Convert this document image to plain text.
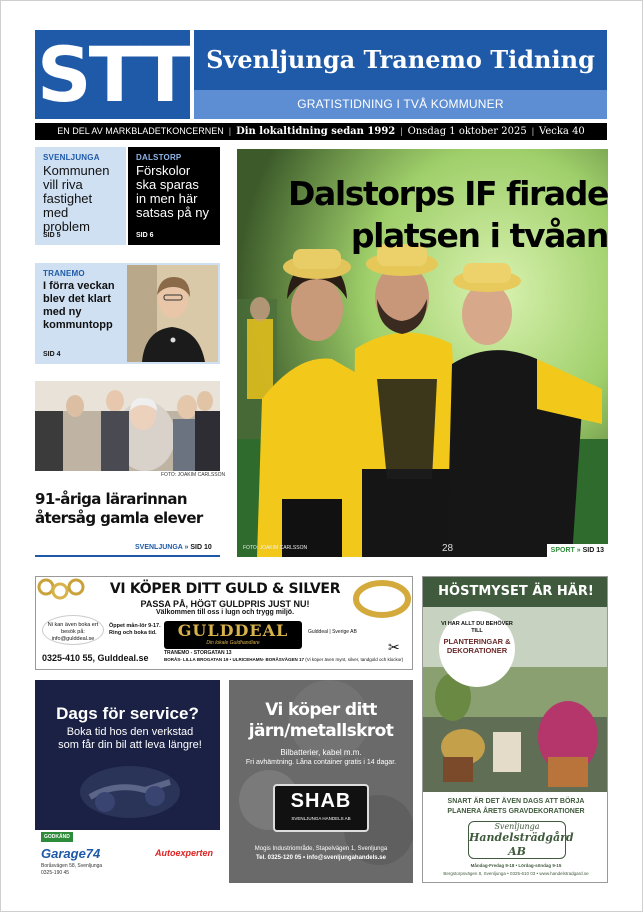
STT Svenljunga Tranemo Tidning
GRATISTIDNING I TVÅ KOMMUNER
EN DEL AV MARKBLADETKONCERNEN | Din lokaltidning sedan 1992 | Onsdag 1 oktober 2025 | Vecka 40
SVENLJUNGA
Kommunen vill riva fastighet med problem
SID 5
DALSTORP
Förskolor ska sparas in men här satsas på ny
SID 6
TRANEMO
I förra veckan blev det klart med ny kommuntopp
SID 4
FOTO: JOAKIM CARLSSON
91-åriga lärarinnan återsåg gamla elever
SVENLJUNGA » SID 10	28
Dalstorps IF firade
platsen i tvåan
FOTO: JOAKIM CARLSSON	SPORT » SID 13
VI KÖPER DITT GULD & SILVER
PASSA PÅ, HÖGT GULDPRIS JUST NU!
Välkommen till oss i lugn och trygg miljö.
Ni kan även boka ert besök på: info@gulddeal.se
Öppet mån-lör 9-17. Ring och boka tid.	GULDDEAL
Din lokale Guldhandlare
Gulddeal | Sverige AB
✂
0325-410 55, Gulddeal.se	TRANEMO - STORGATAN 13
BORÅS- LILLA BROGATAN 19 • ULRICEHAMN- BORÅSVÄGEN 17 (Vi köper även mynt, silver, tandgold och klockor)
Dags för service?
Boka tid hos den verkstad som får din bil att leva längre!
GODKÄND
Garage74	Autoexperten
Boråsvägen 58, Svenljunga
0325-190 45
Vi köper ditt järn/metallskrot
Bilbatterier, kabel m.m.
Fri avhämtning. Låna container gratis i 14 dagar.
SHAB
SVENLJUNGA HANDELS AB
Mogis Industriområde, Stapelvägen 1, Svenljunga
Tel. 0325-120 05 • info@svenljungahandels.se
HÖSTMYSET ÄR HÄR!
VI HAR ALLT DU BEHÖVER TILL
PLANTERINGAR & DEKORATIONER
SNART ÄR DET ÄVEN DAGS ATT BÖRJA PLANERA ÅRETS GRAVDEKORATIONER
Svenljunga
Handelsträdgård AB
Måndag-Fredag 9-18 • Lördag-söndag 9-15
Bergstorpsvägen 8, Svenljunga • 0325-610 03 • www.handelstradgard.se
